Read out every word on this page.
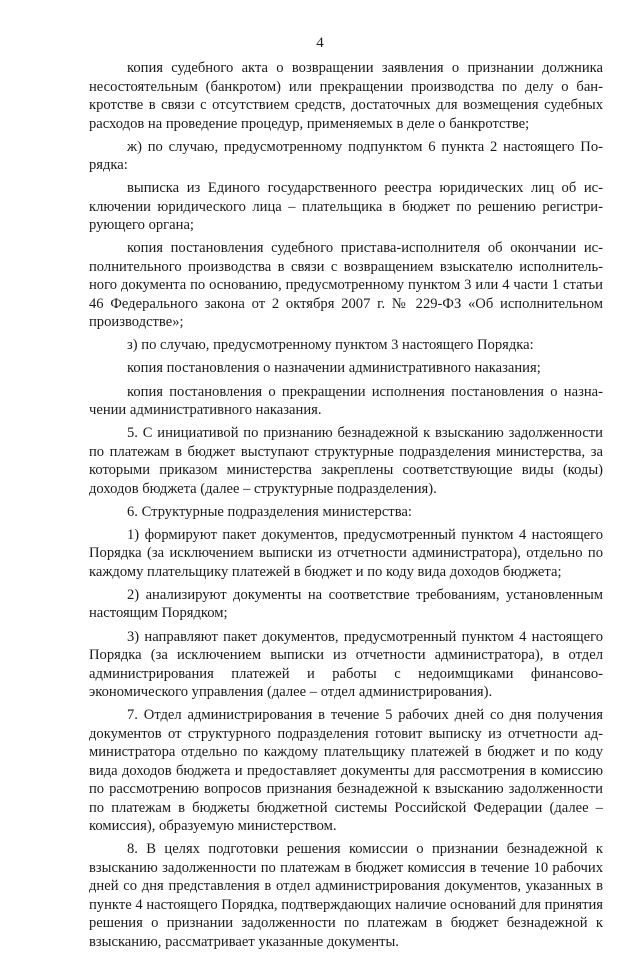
4

копия судебного акта о возвращении заявления о признании должника несостоятельным (банкротом) или прекращении производства по делу о банкротстве в связи с отсутствием средств, достаточных для возмещения судебных расходов на проведение процедур, применяемых в деле о банкротстве;

ж) по случаю, предусмотренному подпунктом 6 пункта 2 настоящего Порядка:

выписка из Единого государственного реестра юридических лиц об исключении юридического лица – плательщика в бюджет по решению регистрирующего органа;

копия постановления судебного пристава-исполнителя об окончании исполнительного производства в связи с возвращением взыскателю исполнительного документа по основанию, предусмотренному пунктом 3 или 4 части 1 статьи 46 Федерального закона от 2 октября 2007 г. № 229-ФЗ «Об исполнительном производстве»;

з) по случаю, предусмотренному пунктом 3 настоящего Порядка:

копия постановления о назначении административного наказания;

копия постановления о прекращении исполнения постановления о назначении административного наказания.

5. С инициативой по признанию безнадежной к взысканию задолженности по платежам в бюджет выступают структурные подразделения министерства, за которыми приказом министерства закреплены соответствующие виды (коды) доходов бюджета (далее – структурные подразделения).

6. Структурные подразделения министерства:

1) формируют пакет документов, предусмотренный пунктом 4 настоящего Порядка (за исключением выписки из отчетности администратора), отдельно по каждому плательщику платежей в бюджет и по коду вида доходов бюджета;

2) анализируют документы на соответствие требованиям, установленным настоящим Порядком;

3) направляют пакет документов, предусмотренный пунктом 4 настоящего Порядка (за исключением выписки из отчетности администратора), в отдел администрирования платежей и работы с недоимщиками финансово-экономического управления (далее – отдел администрирования).

7. Отдел администрирования в течение 5 рабочих дней со дня получения документов от структурного подразделения готовит выписку из отчетности администратора отдельно по каждому плательщику платежей в бюджет и по коду вида доходов бюджета и предоставляет документы для рассмотрения в комиссию по рассмотрению вопросов признания безнадежной к взысканию задолженности по платежам в бюджеты бюджетной системы Российской Федерации (далее – комиссия), образуемую министерством.

8. В целях подготовки решения комиссии о признании безнадежной к взысканию задолженности по платежам в бюджет комиссия в течение 10 рабочих дней со дня представления в отдел администрирования документов, указанных в пункте 4 настоящего Порядка, подтверждающих наличие оснований для принятия решения о признании задолженности по платежам в бюджет безнадежной к взысканию, рассматривает указанные документы.
